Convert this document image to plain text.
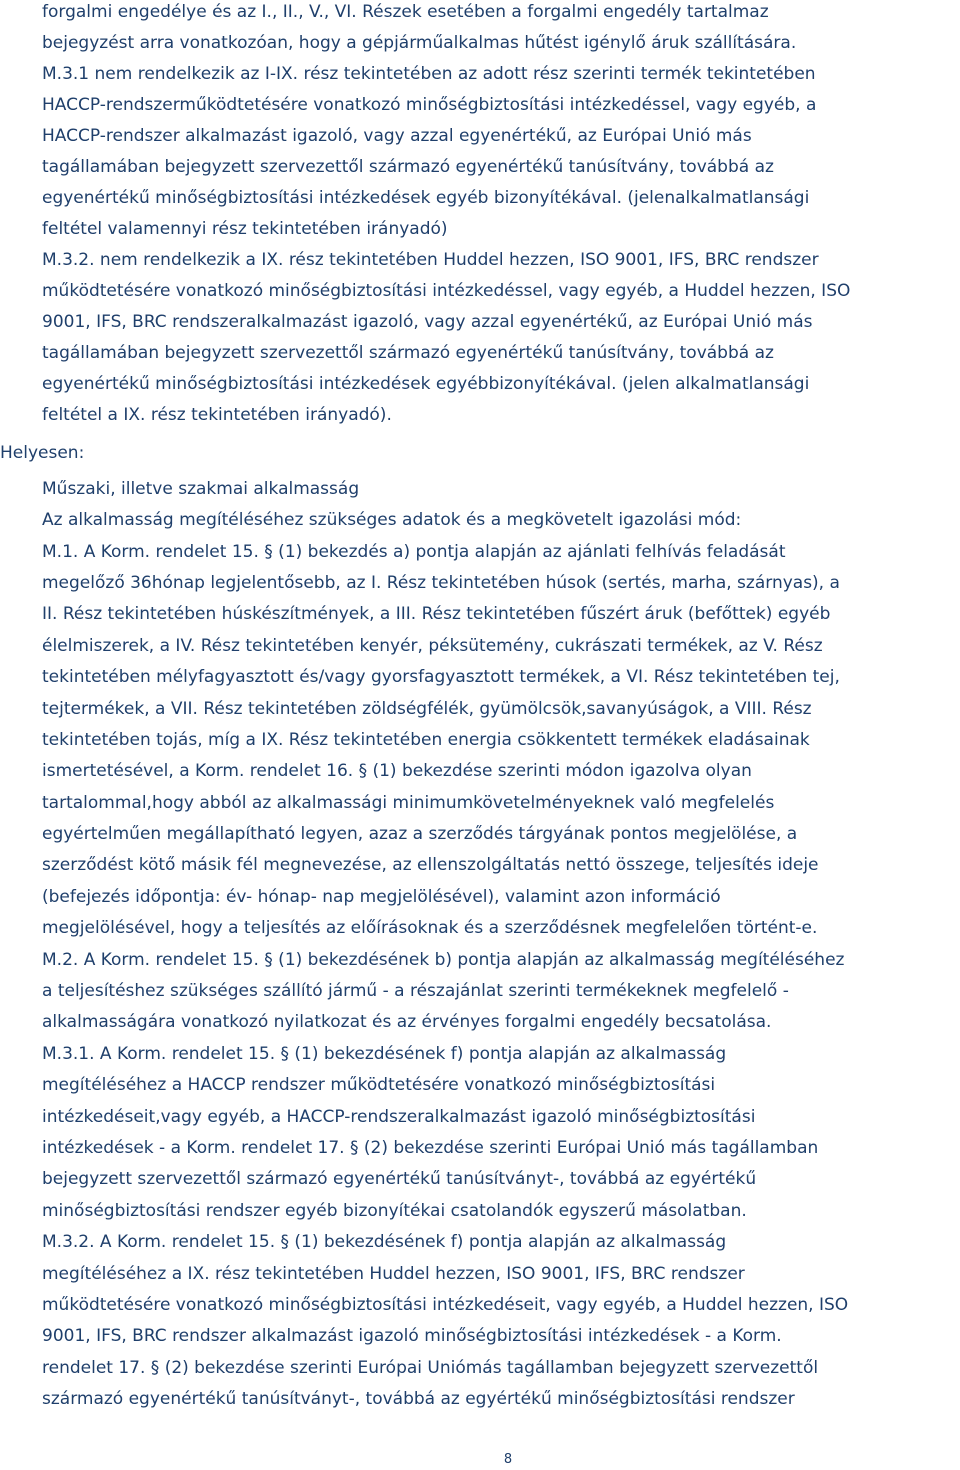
forgalmi engedélye és az I., II., V., VI. Részek esetében a forgalmi engedély tartalmaz
bejegyzést arra vonatkozóan, hogy a gépjárműalkalmas hűtést igénylő áruk szállítására.
M.3.1 nem rendelkezik az I-IX. rész tekintetében az adott rész szerinti termék tekintetében
HACCP-rendszerműködtetésére vonatkozó minőségbiztosítási intézkedéssel, vagy egyéb, a
HACCP-rendszer alkalmazást igazoló, vagy azzal egyenértékű, az Európai Unió más
tagállamában bejegyzett szervezettől származó egyenértékű tanúsítvány, továbbá az
egyenértékű minőségbiztosítási intézkedések egyéb bizonyítékával. (jelenalkalmatlansági
feltétel valamennyi rész tekintetében irányadó)
M.3.2. nem rendelkezik a IX. rész tekintetében Huddel hezzen, ISO 9001, IFS, BRC rendszer
működtetésére vonatkozó minőségbiztosítási intézkedéssel, vagy egyéb, a Huddel hezzen, ISO
9001, IFS, BRC rendszeralkalmazást igazoló, vagy azzal egyenértékű, az Európai Unió más
tagállamában bejegyzett szervezettől származó egyenértékű tanúsítvány, továbbá az
egyenértékű minőségbiztosítási intézkedések egyébbizonyítékával. (jelen alkalmatlansági
feltétel a IX. rész tekintetében irányadó).
Helyesen:
Műszaki, illetve szakmai alkalmasság
Az alkalmasság megítéléséhez szükséges adatok és a megkövetelt igazolási mód:
M.1. A Korm. rendelet 15. § (1) bekezdés a) pontja alapján az ajánlati felhívás feladását
megelőző 36hónap legjelentősebb, az I. Rész tekintetében húsok (sertés, marha, szárnyas), a
II. Rész tekintetében húskészítmények, a III. Rész tekintetében fűszért áruk (befőttek) egyéb
élelmiszerek, a IV. Rész tekintetében kenyér, péksütemény, cukrászati termékek, az V. Rész
tekintetében mélyfagyasztott és/vagy gyorsfagyasztott termékek, a VI. Rész tekintetében tej,
tejtermékek, a VII. Rész tekintetében zöldségfélék, gyümölcsök,savanyúságok, a VIII. Rész
tekintetében tojás, míg a IX. Rész tekintetében energia csökkentett termékek eladásainak
ismertetésével, a Korm. rendelet 16. § (1) bekezdése szerinti módon igazolva olyan
tartalommal,hogy abból az alkalmassági minimumkövetelményeknek való megfelelés
egyértelműen megállapítható legyen, azaz a szerződés tárgyának pontos megjelölése, a
szerződést kötő másik fél megnevezése, az ellenszolgáltatás nettó összege, teljesítés ideje
(befejezés időpontja: év- hónap- nap megjelölésével), valamint azon információ
megjelölésével, hogy a teljesítés az előírásoknak és a szerződésnek megfelelően történt-e.
M.2. A Korm. rendelet 15. § (1) bekezdésének b) pontja alapján az alkalmasság megítéléséhez
a teljesítéshez szükséges szállító jármű - a részajánlat szerinti termékeknek megfelelő -
alkalmasságára vonatkozó nyilatkozat és az érvényes forgalmi engedély becsatolása.
M.3.1. A Korm. rendelet 15. § (1) bekezdésének f) pontja alapján az alkalmasság
megítéléséhez a HACCP rendszer működtetésére vonatkozó minőségbiztosítási
intézkedéseit,vagy egyéb, a HACCP-rendszeralkalmazást igazoló minőségbiztosítási
intézkedések - a Korm. rendelet 17. § (2) bekezdése szerinti Európai Unió más tagállamban
bejegyzett szervezettől származó egyenértékű tanúsítványt-, továbbá az egyértékű
minőségbiztosítási rendszer egyéb bizonyítékai csatolandók egyszerű másolatban.
M.3.2. A Korm. rendelet 15. § (1) bekezdésének f) pontja alapján az alkalmasság
megítéléséhez a IX. rész tekintetében Huddel hezzen, ISO 9001, IFS, BRC rendszer
működtetésére vonatkozó minőségbiztosítási intézkedéseit, vagy egyéb, a Huddel hezzen, ISO
9001, IFS, BRC rendszer alkalmazást igazoló minőségbiztosítási intézkedések - a Korm.
rendelet 17. § (2) bekezdése szerinti Európai Uniómás tagállamban bejegyzett szervezettől
származó egyenértékű tanúsítványt-, továbbá az egyértékű minőségbiztosítási rendszer
8
